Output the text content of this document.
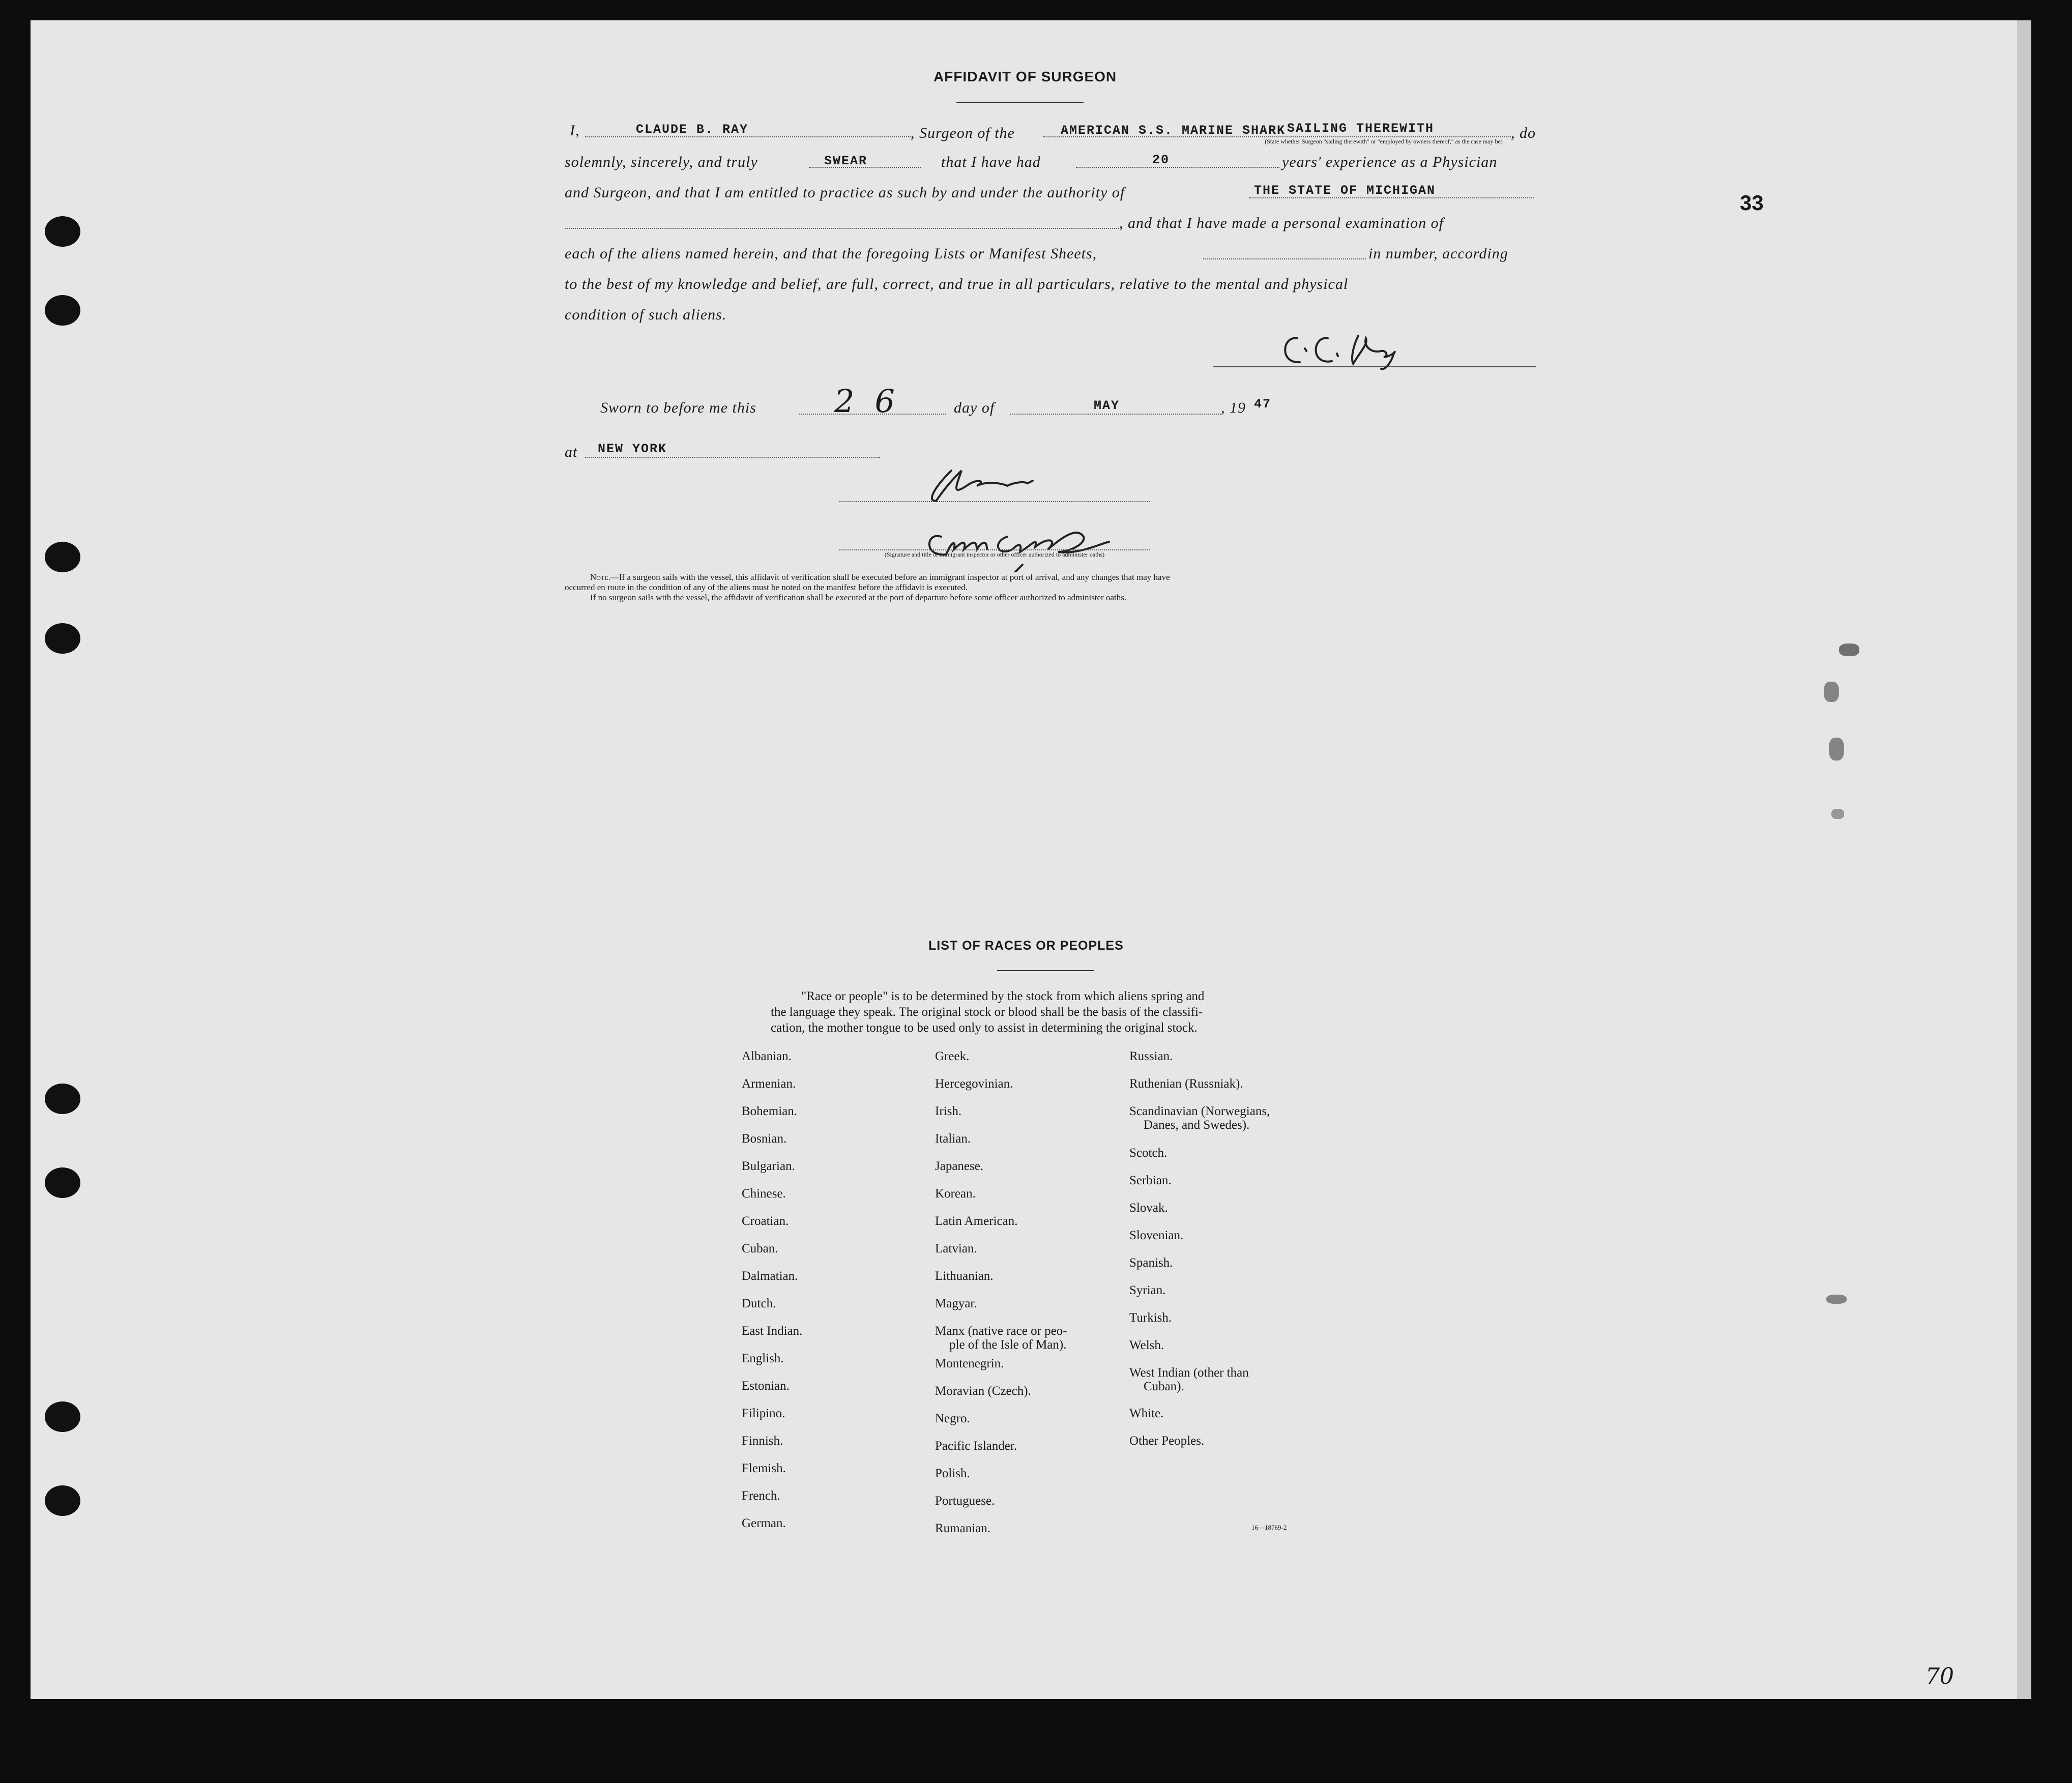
33
AFFIDAVIT OF SURGEON
I,	CLAUDE B. RAY	, Surgeon of the	AMERICAN S.S. MARINE SHARK SAILING THEREWITH
(State whether Surgeon "sailing therewith" or "employed by owners thereof," as the case may be) , do
solemnly, sincerely, and truly	SWEAR	that I have had	20	years' experience as a Physician
and Surgeon, and that I am entitled to practice as such by and under the authority of	THE STATE OF MICHIGAN
, and that I have made a personal examination of
each of the aliens named herein, and that the foregoing Lists or Manifest Sheets,	in number, according
to the best of my knowledge and belief, are full, correct, and true in all particulars, relative to the mental and physical
condition of such aliens.
Sworn to before me this 26	day of	MAY	, 19 47
at NEW YORK
(Signature and title of immigrant inspector or other officer authorized to administer oaths)
Note.—If a surgeon sails with the vessel, this affidavit of verification shall be executed before an immigrant inspector at port of arrival, and any changes that may have
occurred en route in the condition of any of the aliens must be noted on the manifest before the affidavit is executed.
If no surgeon sails with the vessel, the affidavit of verification shall be executed at the port of departure before some officer authorized to administer oaths.
LIST OF RACES OR PEOPLES
"Race or people" is to be determined by the stock from which aliens spring and
the language they speak. The original stock or blood shall be the basis of the classifi-
cation, the mother tongue to be used only to assist in determining the original stock.
Albanian.
Armenian.
Bohemian.
Bosnian.
Bulgarian.
Chinese.
Croatian.
Cuban.
Dalmatian.
Dutch.
East Indian.
English.
Estonian.
Filipino.
Finnish.
Flemish.
French.
German.
Greek.
Hercegovinian.
Irish.
Italian.
Japanese.
Korean.
Latin American.
Latvian.
Lithuanian.
Magyar.
Manx (native race or peo-
ple of the Isle of Man).
Montenegrin.
Moravian (Czech).
Negro.
Pacific Islander.
Polish.
Portuguese.
Rumanian.
Russian.
Ruthenian (Russniak).
Scandinavian (Norwegians,
Danes, and Swedes).
Scotch.
Serbian.
Slovak.
Slovenian.
Spanish.
Syrian.
Turkish.
Welsh.
West Indian (other than
Cuban).
White.
Other Peoples.
16—18769-2
70
